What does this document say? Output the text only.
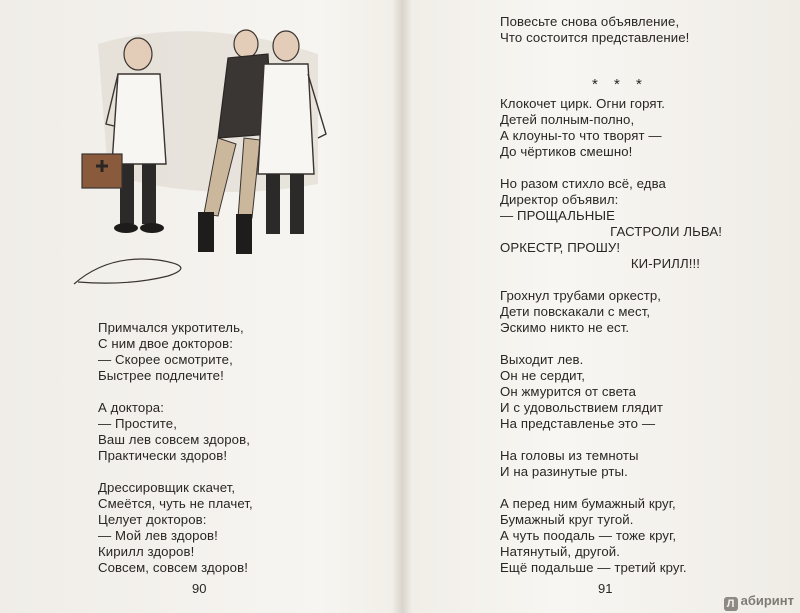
Примчался укротитель,
С ним двое докторов:
— Скорее осмотрите,
Быстрее подлечите!
А доктора:
— Простите,
Ваш лев совсем здоров,
Практически здоров!
Дрессировщик скачет,
Смеётся, чуть не плачет,
Целует докторов:
— Мой лев здоров!
Кирилл здоров!
Совсем, совсем здоров!
90
Повесьте снова объявление,
Что состоится представление!
* * *
Клокочет цирк. Огни горят.
Детей полным-полно,
А клоуны-то что творят —
До чёртиков смешно!
Но разом стихло всё, едва
Директор объявил:
— ПРОЩАЛЬНЫЕ
ГАСТРОЛИ ЛЬВА!
ОРКЕСТР, ПРОШУ!
КИ-РИЛЛ!!!
Грохнул трубами оркестр,
Дети повскакали с мест,
Эскимо никто не ест.
Выходит лев.
Он не сердит,
Он жмурится от света
И с удовольствием глядит
На представленье это —
На головы из темноты
И на разинутые рты.
А перед ним бумажный круг,
Бумажный круг тугой.
А чуть поодаль — тоже круг,
Натянутый, другой.
Ещё подальше — третий круг.
91
Л абиринт
